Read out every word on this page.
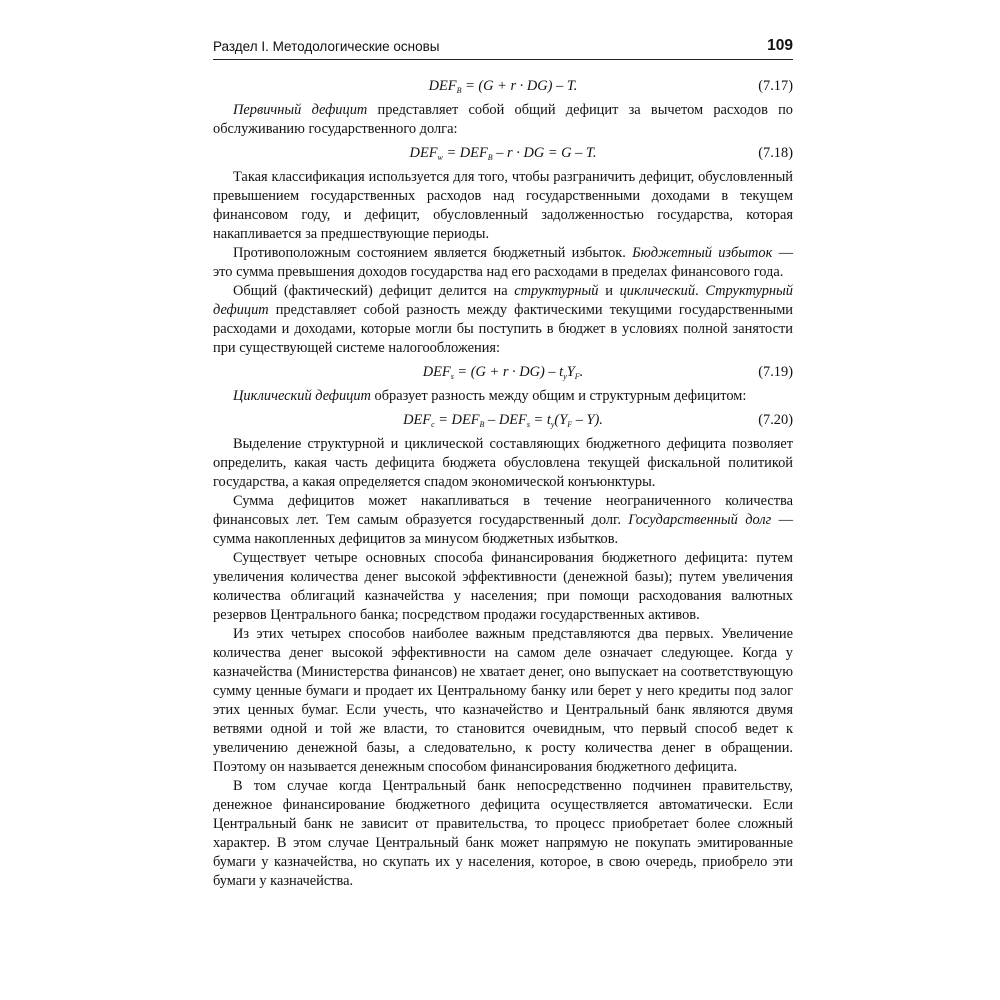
Раздел I. Методологические основы	109
$DEF_B = (G + r \cdot DG) - T$.	(7.17)

Первичный дефицит представляет собой общий дефицит за вычетом расходов по обслуживанию государственного долга:

$DEF_w = DEF_B - r$ · DG = G – T.	(7.18)

Такая классификация используется для того, чтобы разграничить дефицит, обусловленный превышением государственных расходов над государственными доходами в текущем финансовом году, и дефицит, обусловленный задолженностью государства, которая накапливается за предшествующие периоды.

Противоположным состоянием является бюджетный избыток. Бюджетный избыток — это сумма превышения доходов государства над его расходами в пределах финансового года.

Общий (фактический) дефицит делится на структурный и циклический. Структурный дефицит представляет собой разность между фактическими текущими государственными расходами и доходами, которые могли бы поступить в бюджет в условиях полной занятости при существующей системе налогообложения:

$DEF_s = (G + r \cdot DG) - t_yY_F$.	(7.19)

Циклический дефицит образует разность между общим и структурным дефицитом:

$DEF_c = DEF_B - DEF_s = t_y(Y_F - Y)$.	(7.20)

Выделение структурной и циклической составляющих бюджетного дефицита позволяет определить, какая часть дефицита бюджета обусловлена текущей фискальной политикой государства, а какая определяется спадом экономической конъюнктуры.

Сумма дефицитов может накапливаться в течение неограниченного количества финансовых лет. Тем самым образуется государственный долг. Государственный долг — сумма накопленных дефицитов за минусом бюджетных избытков.

Существует четыре основных способа финансирования бюджетного дефицита: путем увеличения количества денег высокой эффективности (денежной базы); путем увеличения количества облигаций казначейства у населения; при помощи расходования валютных резервов Центрального банка; посредством продажи государственных активов.

Из этих четырех способов наиболее важным представляются два первых. Увеличение количества денег высокой эффективности на самом деле означает следующее. Когда у казначейства (Министерства финансов) не хватает денег, оно выпускает на соответствующую сумму ценные бумаги и продает их Центральному банку или берет у него кредиты под залог этих ценных бумаг. Если учесть, что казначейство и Центральный банк являются двумя ветвями одной и той же власти, то становится очевидным, что первый способ ведет к увеличению денежной базы, а следовательно, к росту количества денег в обращении. Поэтому он называется денежным способом финансирования бюджетного дефицита.

В том случае когда Центральный банк непосредственно подчинен правительству, денежное финансирование бюджетного дефицита осуществляется автоматически. Если Центральный банк не зависит от правительства, то процесс приобретает более сложный характер. В этом случае Центральный банк может напрямую не покупать эмитированные бумаги у казначейства, но скупать их у населения, которое, в свою очередь, приобрело эти бумаги у казначейства.
